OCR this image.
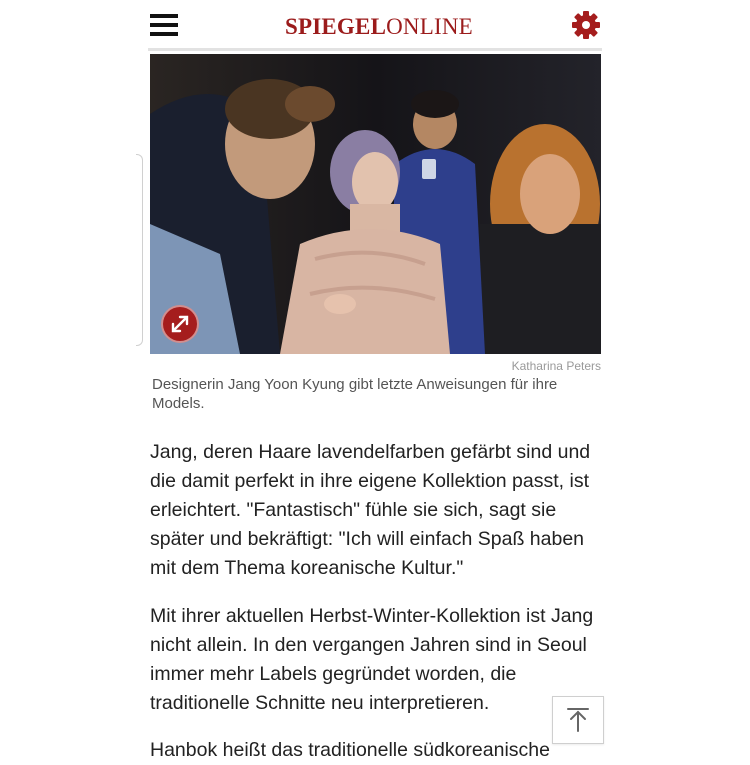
SPIEGELONLINE
Katharina Peters
Designerin Jang Yoon Kyung gibt letzte Anweisungen für ihre Models.

Jang, deren Haare lavendelfarben gefärbt sind und die damit perfekt in ihre eigene Kollektion passt, ist erleichtert. "Fantastisch" fühle sie sich, sagt sie später und bekräftigt: "Ich will einfach Spaß haben mit dem Thema koreanische Kultur."

Mit ihrer aktuellen Herbst-Winter-Kollektion ist Jang nicht allein. In den vergangen Jahren sind in Seoul immer mehr Labels gegründet worden, die traditionelle Schnitte neu interpretieren.

Hanbok heißt das traditionelle südkoreanische
